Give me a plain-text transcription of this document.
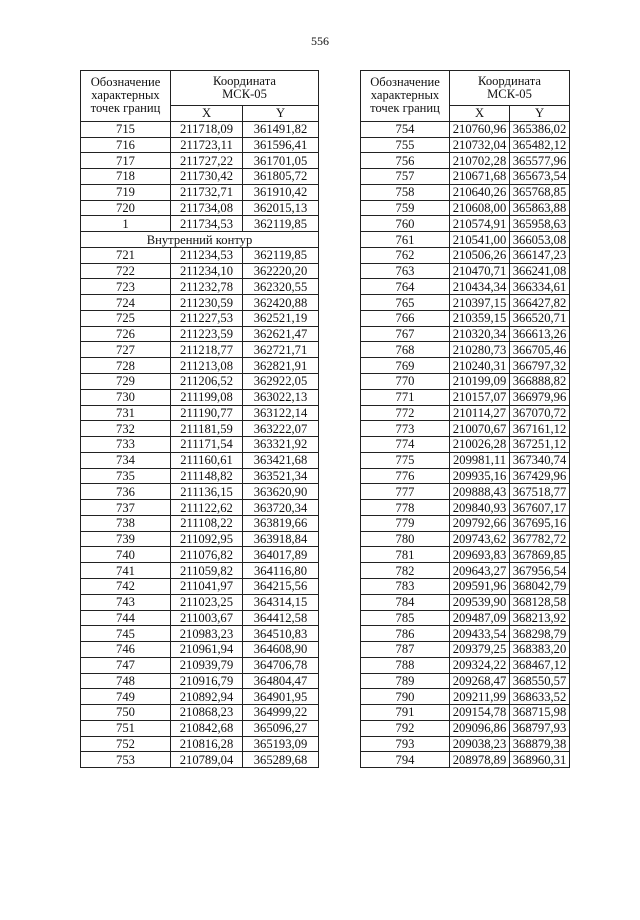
556
Обозначение
характерных
точек границ	Координата
МСК-05	
	X	Y
715	211718,09	361491,82
716	211723,11	361596,41
717	211727,22	361701,05
718	211730,42	361805,72
719	211732,71	361910,42
720	211734,08	362015,13
1	211734,53	362119,85
Внутренний контур		
721	211234,53	362119,85
722	211234,10	362220,20
723	211232,78	362320,55
724	211230,59	362420,88
725	211227,53	362521,19
726	211223,59	362621,47
727	211218,77	362721,71
728	211213,08	362821,91
729	211206,52	362922,05
730	211199,08	363022,13
731	211190,77	363122,14
732	211181,59	363222,07
733	211171,54	363321,92
734	211160,61	363421,68
735	211148,82	363521,34
736	211136,15	363620,90
737	211122,62	363720,34
738	211108,22	363819,66
739	211092,95	363918,84
740	211076,82	364017,89
741	211059,82	364116,80
742	211041,97	364215,56
743	211023,25	364314,15
744	211003,67	364412,58
745	210983,23	364510,83
746	210961,94	364608,90
747	210939,79	364706,78
748	210916,79	364804,47
749	210892,94	364901,95
750	210868,23	364999,22
751	210842,68	365096,27
752	210816,28	365193,09
753	210789,04	365289,68
Обозначение
характерных
точек границ	Координата
МСК-05	
	X	Y
754	210760,96	365386,02
755	210732,04	365482,12
756	210702,28	365577,96
757	210671,68	365673,54
758	210640,26	365768,85
759	210608,00	365863,88
760	210574,91	365958,63
761	210541,00	366053,08
762	210506,26	366147,23
763	210470,71	366241,08
764	210434,34	366334,61
765	210397,15	366427,82
766	210359,15	366520,71
767	210320,34	366613,26
768	210280,73	366705,46
769	210240,31	366797,32
770	210199,09	366888,82
771	210157,07	366979,96
772	210114,27	367070,72
773	210070,67	367161,12
774	210026,28	367251,12
775	209981,11	367340,74
776	209935,16	367429,96
777	209888,43	367518,77
778	209840,93	367607,17
779	209792,66	367695,16
780	209743,62	367782,72
781	209693,83	367869,85
782	209643,27	367956,54
783	209591,96	368042,79
784	209539,90	368128,58
785	209487,09	368213,92
786	209433,54	368298,79
787	209379,25	368383,20
788	209324,22	368467,12
789	209268,47	368550,57
790	209211,99	368633,52
791	209154,78	368715,98
792	209096,86	368797,93
793	209038,23	368879,38
794	208978,89	368960,31
